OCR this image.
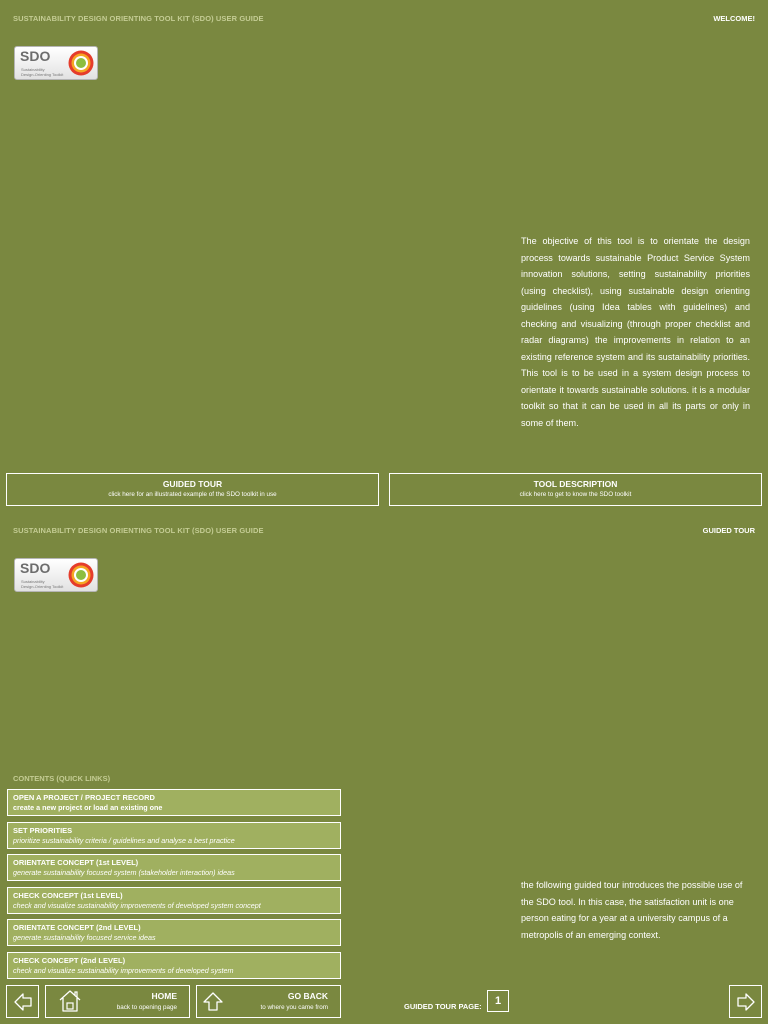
SUSTAINABILITY DESIGN ORIENTING TOOL KIT (SDO) USER GUIDE	WELCOME!
SDO
Sustainability
Design-Orienting Toolkit

The objective of this tool is to orientate the design process towards sustainable Product Service System innovation solutions, setting sustainability priorities (using checklist), using sustainable design orienting guidelines (using Idea tables with guidelines) and checking and visualizing (through proper checklist and radar diagrams) the improvements in relation to an existing reference system and its sustainability priorities. This tool is to be used in a system design process to orientate it towards sustainable solutions. it is a modular toolkit so that it can be used in all its parts or only in some of them.

GUIDED TOUR
click here for an illustrated example of the SDO toolkit in use
TOOL DESCRIPTION
click here to get to know the SDO toolkit
SUSTAINABILITY DESIGN ORIENTING TOOL KIT (SDO) USER GUIDE	GUIDED TOUR
SDO
Sustainability
Design-Orienting Toolkit
CONTENTS (QUICK LINKS)
OPEN A PROJECT / PROJECT RECORD
create a new project or load an existing one
SET PRIORITIES
prioritize sustainability criteria / guidelines and analyse a best practice
ORIENTATE CONCEPT (1st LEVEL)
generate sustainability focused system (stakeholder interaction) ideas
CHECK CONCEPT (1st LEVEL)
check and visualize sustainability improvements of developed system concept
ORIENTATE CONCEPT (2nd LEVEL)
generate sustainability focused service ideas
CHECK CONCEPT (2nd LEVEL)
check and visualize sustainability improvements of developed system

the following guided tour introduces the possible use of the SDO tool. In this case, the satisfaction unit is one person eating for a year at a university campus of a metropolis of an emerging context.

HOME
back to opening page
GO BACK
to where you came from	GUIDED TOUR PAGE:	1
